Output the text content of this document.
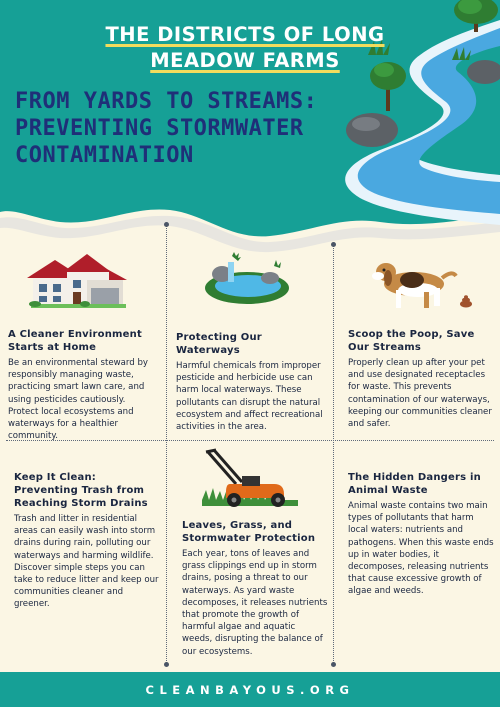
THE DISTRICTS OF LONG MEADOW FARMS
FROM YARDS TO STREAMS: PREVENTING STORMWATER CONTAMINATION
A Cleaner Environment Starts at Home
Be an environmental steward by responsibly managing waste, practicing smart lawn care, and using pesticides cautiously. Protect local ecosystems and waterways for a healthier community.
Protecting Our Waterways
Harmful chemicals from improper pesticide and herbicide use can harm local waterways. These pollutants can disrupt the natural ecosystem and affect recreational activities in the area.
Scoop the Poop, Save Our Streams
Properly clean up after your pet and use designated receptacles for waste. This prevents contamination of our waterways, keeping our communities cleaner and safer.
Keep It Clean: Preventing Trash from Reaching Storm Drains
Trash and litter in residential areas can easily wash into storm drains during rain, polluting our waterways and harming wildlife. Discover simple steps you can take to reduce litter and keep our communities cleaner and greener.
Leaves, Grass, and Stormwater Protection
Each year, tons of leaves and grass clippings end up in storm drains, posing a threat to our waterways. As yard waste decomposes, it releases nutrients that promote the growth of harmful algae and aquatic weeds, disrupting the balance of our ecosystems.
The Hidden Dangers in Animal Waste
Animal waste contains two main types of pollutants that harm local waters: nutrients and pathogens. When this waste ends up in water bodies, it decomposes, releasing nutrients that cause excessive growth of algae and weeds.
CLEANBAYOUS.ORG
